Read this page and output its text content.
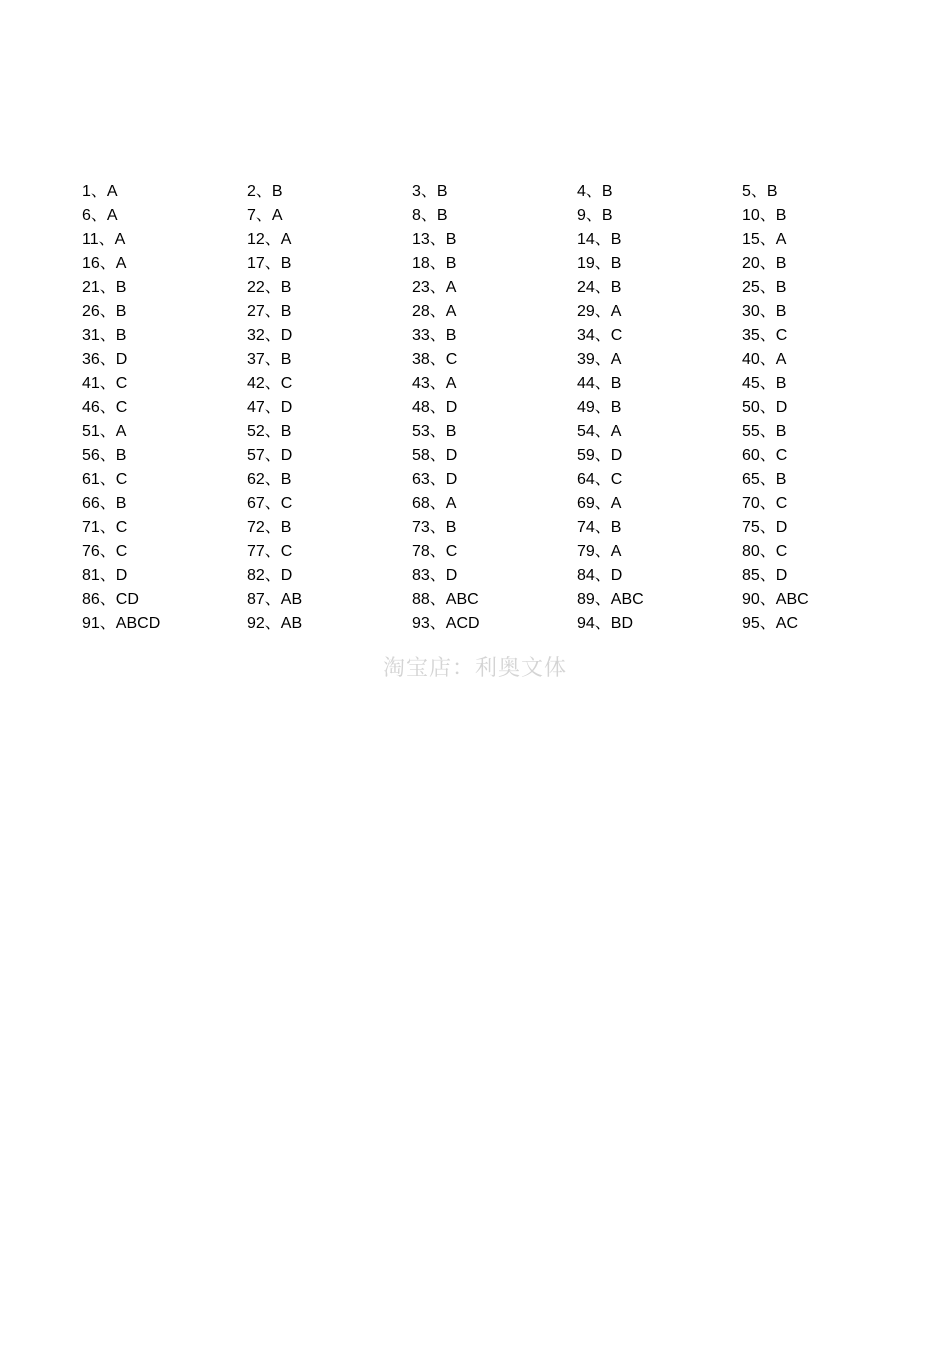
1、A	2、B	3、B	4、B	5、B
6、A	7、A	8、B	9、B	10、B
11、A	12、A	13、B	14、B	15、A
16、A	17、B	18、B	19、B	20、B
21、B	22、B	23、A	24、B	25、B
26、B	27、B	28、A	29、A	30、B
31、B	32、D	33、B	34、C	35、C
36、D	37、B	38、C	39、A	40、A
41、C	42、C	43、A	44、B	45、B
46、C	47、D	48、D	49、B	50、D
51、A	52、B	53、B	54、A	55、B
56、B	57、D	58、D	59、D	60、C
61、C	62、B	63、D	64、C	65、B
66、B	67、C	68、A	69、A	70、C
71、C	72、B	73、B	74、B	75、D
76、C	77、C	78、C	79、A	80、C
81、D	82、D	83、D	84、D	85、D
86、CD	87、AB	88、ABC	89、ABC	90、ABC
91、ABCD	92、AB	93、ACD	94、BD	95、AC
淘宝店：利奥文体
